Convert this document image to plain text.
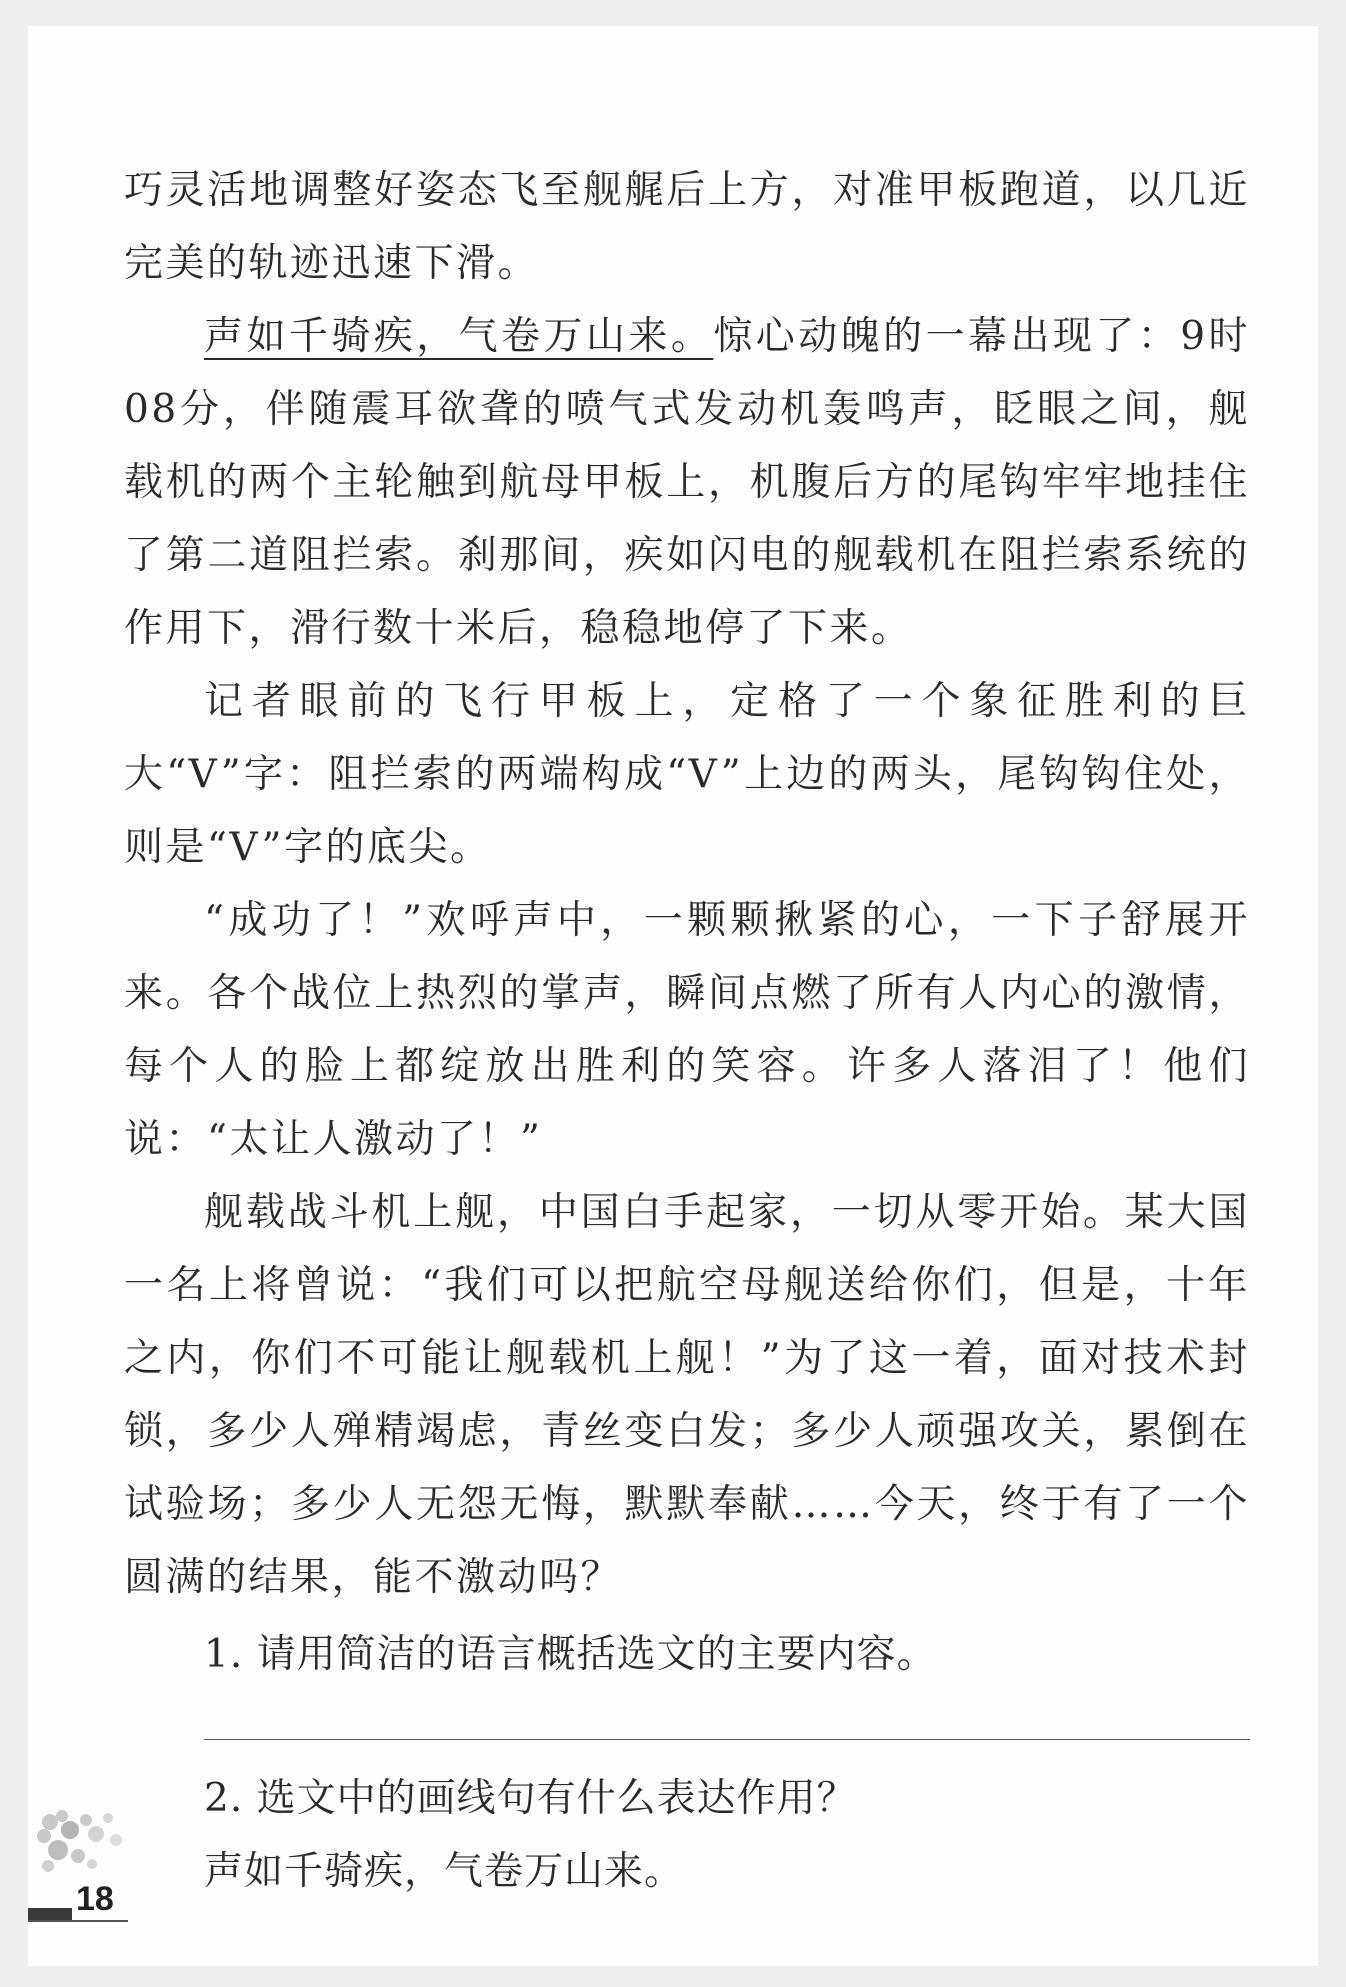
巧灵活地调整好姿态飞至舰艉后上方，对准甲板跑道，以几近完美的轨迹迅速下滑。

声如千骑疾，气卷万山来。惊心动魄的一幕出现了：9时08分，伴随震耳欲聋的喷气式发动机轰鸣声，眨眼之间，舰载机的两个主轮触到航母甲板上，机腹后方的尾钩牢牢地挂住了第二道阻拦索。刹那间，疾如闪电的舰载机在阻拦索系统的作用下，滑行数十米后，稳稳地停了下来。

记者眼前的飞行甲板上，定格了一个象征胜利的巨大“V”字：阻拦索的两端构成“V”上边的两头，尾钩钩住处，则是“V”字的底尖。

“成功了！”欢呼声中，一颗颗揪紧的心，一下子舒展开来。各个战位上热烈的掌声，瞬间点燃了所有人内心的激情，每个人的脸上都绽放出胜利的笑容。许多人落泪了！他们说：“太让人激动了！”

舰载战斗机上舰，中国白手起家，一切从零开始。某大国一名上将曾说：“我们可以把航空母舰送给你们，但是，十年之内，你们不可能让舰载机上舰！”为了这一着，面对技术封锁，多少人殚精竭虑，青丝变白发；多少人顽强攻关，累倒在试验场；多少人无怨无悔，默默奉献……今天，终于有了一个圆满的结果，能不激动吗？

1. 请用简洁的语言概括选文的主要内容。

2. 选文中的画线句有什么表达作用？

声如千骑疾，气卷万山来。

18
